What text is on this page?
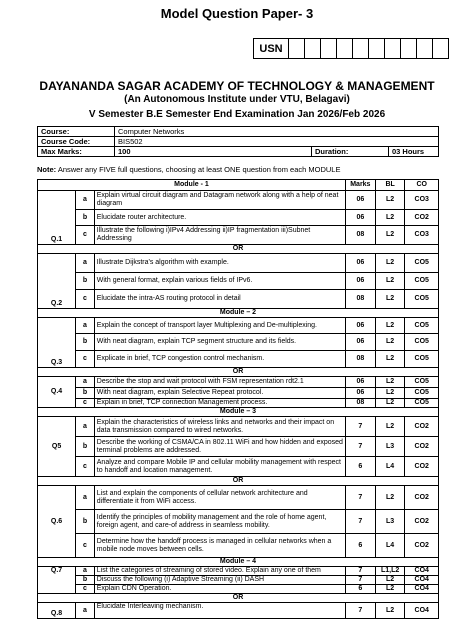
Model Question Paper- 3
USN										
DAYANANDA SAGAR ACADEMY OF TECHNOLOGY & MANAGEMENT
(An Autonomous Institute under VTU, Belagavi)
V Semester B.E Semester End Examination Jan 2026/Feb 2026
Course:	Computer Networks		
Course Code:	BIS502		
Max Marks:	100	Duration:	03 Hours
Note: Answer any FIVE full questions, choosing at least ONE question from each MODULE
Module - 1			Marks	BL	CO
Q.1	a	Explain virtual circuit diagram and Datagram network along with a help of neat diagram	06	L2	CO3
	b	Elucidate router architecture.	06	L2	CO2
	c	Illustrate the following i)IPv4 Addressing ii)IP fragmentation iii)Subnet Addressing	08	L2	CO3
OR					
Q.2	a	Illustrate Dijkstra's algorithm with example.	06	L2	CO5
	b	With general format, explain various fields of IPv6.	06	L2	CO5
	c	Elucidate the intra-AS routing protocol in detail	08	L2	CO5
Module – 2					
Q.3	a	Explain the concept of transport layer Multiplexing and De-multiplexing.	06	L2	CO5
	b	With neat diagram, explain TCP segment structure and its fields.	06	L2	CO5
	c	Explicate in brief, TCP congestion control mechanism.	08	L2	CO5
OR					
Q.4	a	Describe the stop and wait protocol with FSM representation rdt2.1	06	L2	CO5
	b	With neat diagram, explain Selective Repeat protocol.	06	L2	CO5
	c	Explain in brief, TCP connection Management process.	08	L2	CO5
Module – 3					
Q5	a	Explain the characteristics of wireless links and networks and their impact on data transmission compared to wired networks.	7	L2	CO2
	b	Describe the working of CSMA/CA in 802.11 WiFi and how hidden and exposed terminal problems are addressed.	7	L3	CO2
	c	Analyze and compare Mobile IP and cellular mobility management with respect to handoff and location management.	6	L4	CO2
OR					
Q.6	a	List and explain the components of cellular network architecture and differentiate it from WiFi access.	7	L2	CO2
	b	Identify the principles of mobility management and the role of home agent, foreign agent, and care-of address in seamless mobility.	7	L3	CO2
	c	Determine how the handoff process is managed in cellular networks when a mobile node moves between cells.	6	L4	CO2
Module – 4					
Q.7	a	List the categories of streaming of stored video. Explain any one of them	7	L1,L2	CO4
	b	Discuss the following (i) Adaptive Streaming (ii) DASH	7	L2	CO4
	c	Explain CDN Operation.	6	L2	CO4
OR					
Q.8	a	Elucidate Interleaving mechanism.	7	L2	CO4
